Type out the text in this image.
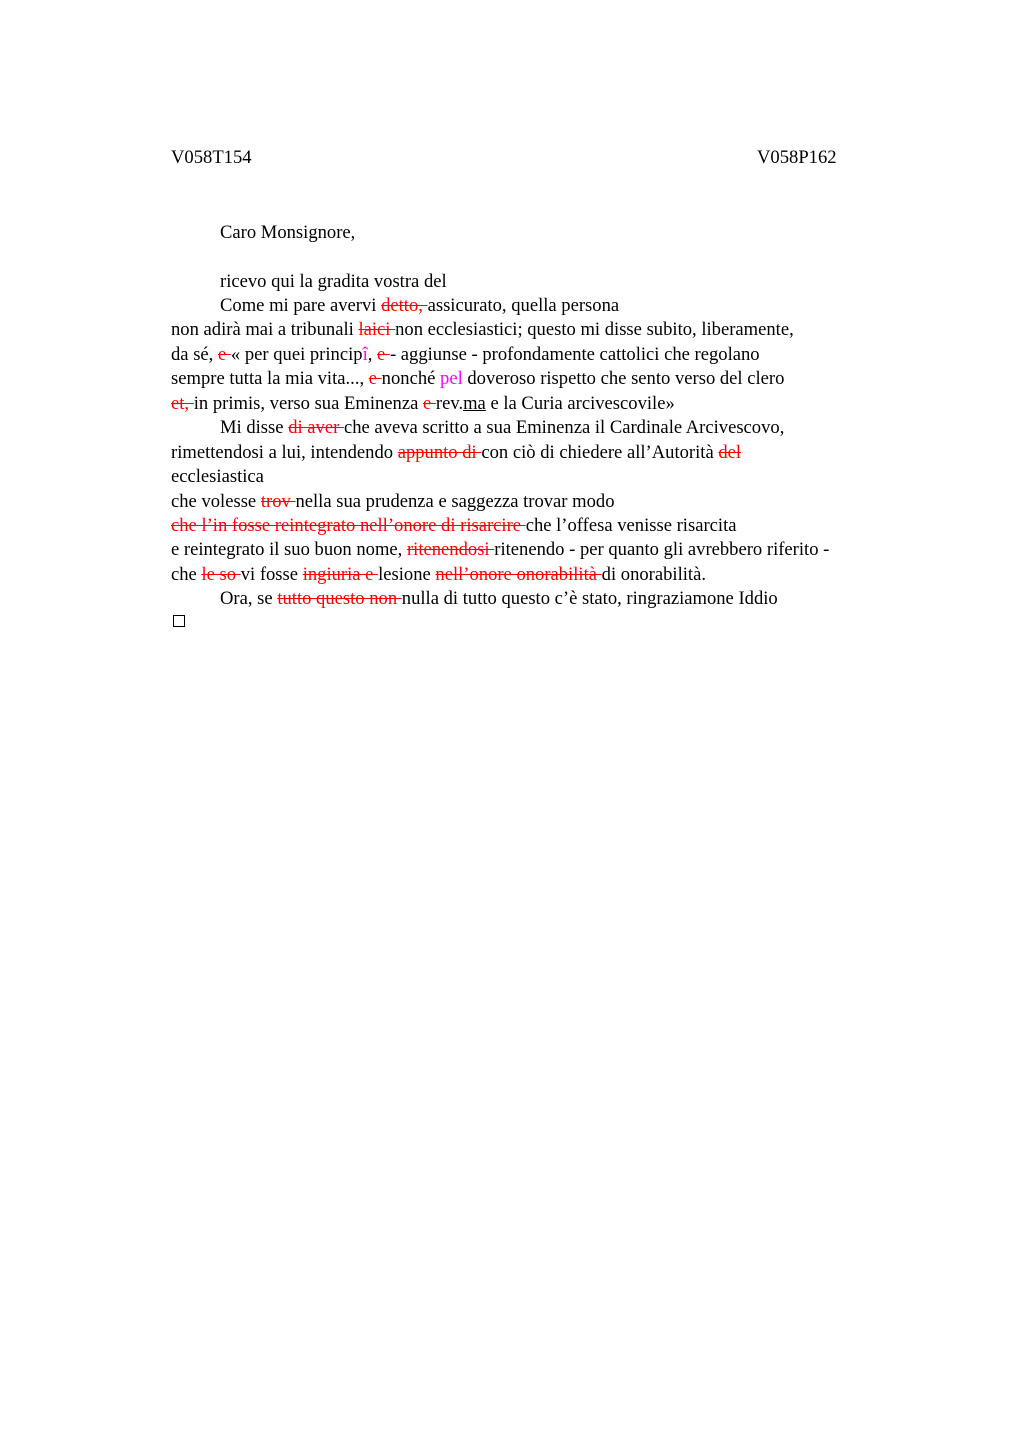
V058T154	V058P162
Caro Monsignore,
ricevo qui la gradita vostra del
Come mi pare avervi detto, assicurato, quella persona
non adirà mai a tribunali laici non ecclesiastici; questo mi disse subito, liberamente,
da sé, e « per quei principî, e - aggiunse - profondamente cattolici che regolano
sempre tutta la mia vita..., e nonché pel doveroso rispetto che sento verso del clero
et, in primis, verso sua Eminenza e rev.ma e la Curia arcivescovile»
Mi disse di aver che aveva scritto a sua Eminenza il Cardinale Arcivescovo,
rimettendosi a lui, intendendo appunto di con ciò di chiedere all’Autorità del
ecclesiastica
che volesse trov nella sua prudenza e saggezza trovar modo
che l’in fosse reintegrato nell’onore di risarcire che l’offesa venisse risarcita
e reintegrato il suo buon nome, ritenendosi ritenendo - per quanto gli avrebbero riferito -
che le so vi fosse ingiuria e lesione nell’onore onorabilità di onorabilità.
Ora, se tutto questo non nulla di tutto questo c’è stato, ringraziamone Iddio
